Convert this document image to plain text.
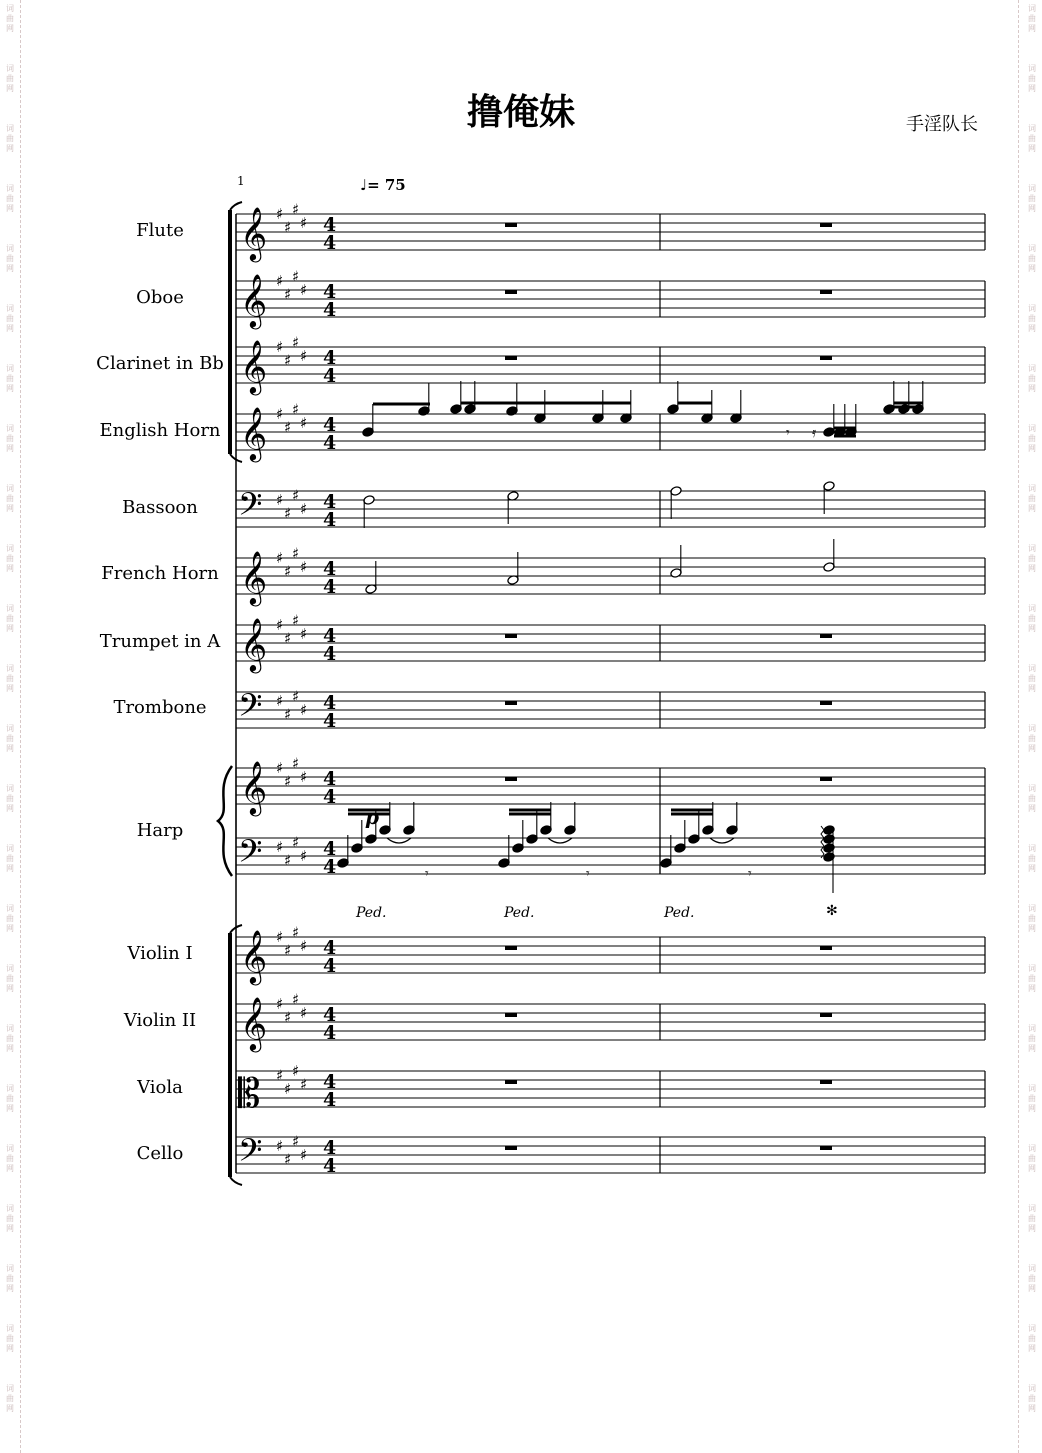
撸俺妹	手淫队长
1	♩= 75
Flute
Oboe
Clarinet in Bb
English Horn
Bassoon
French Horn
Trumpet in A
Trombone
Harp
Violin I
Violin II
Viola
Cello
𝄞 ♯
♯
♯
♯ 4
4
𝄞 ♯
♯
♯
♯ 4
4
𝄞 ♯
♯
♯
♯ 4
4
𝄞 ♯
♯
♯
♯ 4
4
𝄢 ♯
♯
♯
♯ 4
4
𝄞 ♯
♯
♯
♯ 4
4
𝄞 ♯
♯
♯
♯ 4
4
𝄢 ♯
♯
♯
♯ 4
4
𝄞 ♯
♯
♯
♯ 4
4
𝄢 ♯
♯
♯
♯ 4
4
𝄞 ♯
♯
♯
♯ 4
4
𝄞 ♯
♯
♯
♯ 4
4
𝄡 ♯
♯
♯
♯ 4
4
𝄢 ♯
♯
♯
♯ 4
4
𝄾 𝄿
𝄾	𝄾	𝄾
p
Ped.	Ped.	Ped.	✻
词
曲
网
词
曲
网
词
曲
网
词
曲
网
词
曲
网
词
曲
网
词
曲
网
词
曲
网
词
曲
网
词
曲
网
词
曲
网
词
曲
网
词
曲
网
词
曲
网
词
曲
网
词
曲
网
词
曲
网
词
曲
网
词
曲
网
词
曲
网
词
曲
网
词
曲
网
词
曲
网
词
曲
网
词
曲
网
词
曲
网
词
曲
网
词
曲
网
词
曲
网
词
曲
网
词
曲
网
词
曲
网
词
曲
网
词
曲
网
词
曲
网
词
曲
网
词
曲
网
词
曲
网
词
曲
网
词
曲
网
词
曲
网
词
曲
网
词
曲
网
词
曲
网
词
曲
网
词
曲
网
词
曲
网
词
曲
网
